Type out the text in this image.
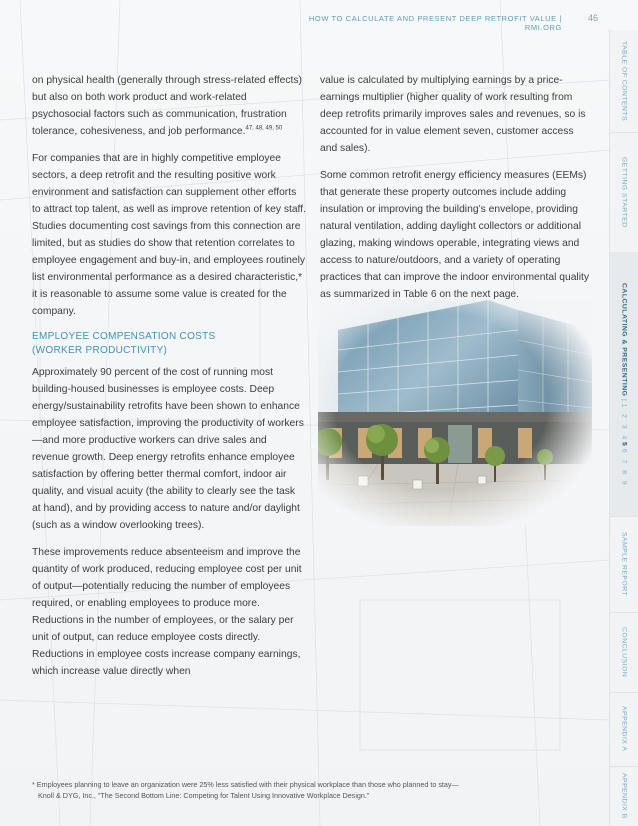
HOW TO CALCULATE AND PRESENT DEEP RETROFIT VALUE | RMI.ORG
46
TABLE OF CONTENTS
GETTING STARTED
CALCULATING & PRESENTING | 1 2 3 4 5 6 7 8 9
SAMPLE REPORT
CONCLUSION
APPENDIX A
APPENDIX B

on physical health (generally through stress-related effects) but also on both work product and work-related psychosocial factors such as communication, frustration tolerance, cohesiveness, and job performance.$^{47, 48, 49, 50}$

For companies that are in highly competitive employee sectors, a deep retrofit and the resulting positive work environment and satisfaction can supplement other efforts to attract top talent, as well as improve retention of key staff. Studies documenting cost savings from this connection are limited, but as studies do show that retention correlates to employee engagement and buy-in, and employees routinely list environmental performance as a desired characteristic,* it is reasonable to assume some value is created for the company.

EMPLOYEE COMPENSATION COSTS
(WORKER PRODUCTIVITY)

Approximately 90 percent of the cost of running most building-housed businesses is employee costs. Deep energy/sustainability retrofits have been shown to enhance employee satisfaction, improving the productivity of workers—and more productive workers can drive sales and revenue growth. Deep energy retrofits enhance employee satisfaction by offering better thermal comfort, indoor air quality, and visual acuity (the ability to clearly see the task at hand), and by providing access to nature and/or daylight (such as a window overlooking trees).

These improvements reduce absenteeism and improve the quantity of work produced, reducing employee cost per unit of output—potentially reducing the number of employees required, or enabling employees to produce more. Reductions in the number of employees, or the salary per unit of output, can reduce employee costs directly. Reductions in employee costs increase company earnings, which increase value directly when

value is calculated by multiplying earnings by a price-earnings multiplier (higher quality of work resulting from deep retrofits primarily improves sales and revenues, so is accounted for in value element seven, customer access and sales).

Some common retrofit energy efficiency measures (EEMs) that generate these property outcomes include adding insulation or improving the building’s envelope, providing natural ventilation, adding daylight collectors or additional glazing, making windows operable, integrating views and access to nature/outdoors, and a variety of operating practices that can improve the indoor environmental quality as summarized in Table 6 on the next page.

* Employees planning to leave an organization were 25% less satisfied with their physical workplace than those who planned to stay—
Knoll & DYG, Inc., “The Second Bottom Line: Competing for Talent Using Innovative Workplace Design.”
